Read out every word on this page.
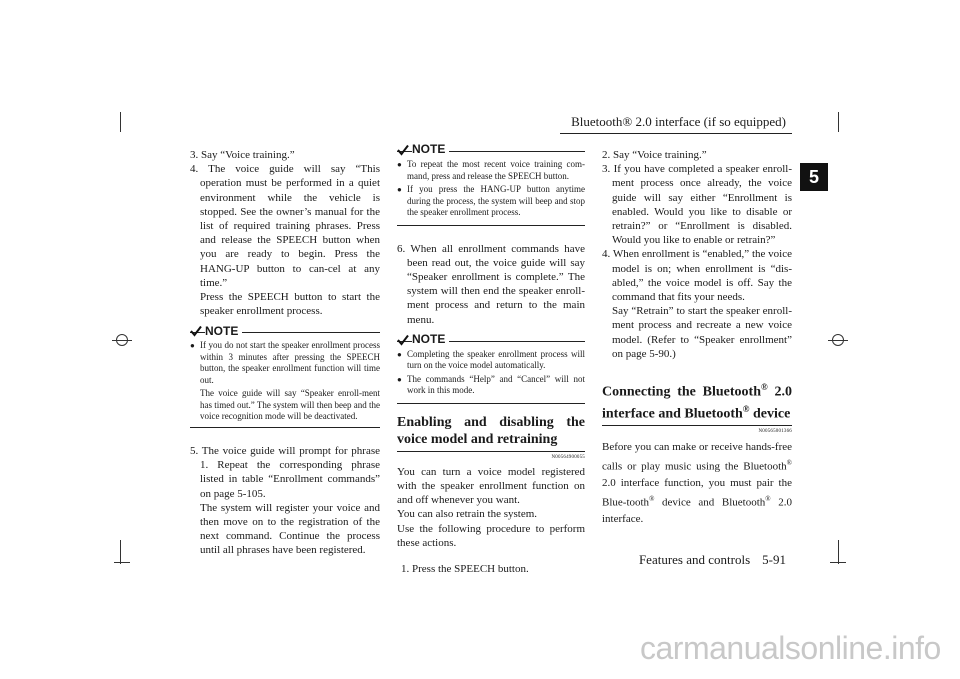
Bluetooth® 2.0 interface (if so equipped)
5

3. Say “Voice training.”

4. The voice guide will say “This operation must be performed in a quiet environment while the vehicle is stopped. See the owner’s manual for the list of required training phrases. Press and release the SPEECH button when you are ready to begin. Press the HANG-UP button to can-cel at any time.”

Press the SPEECH button to start the speaker enrollment process.

NOTE
● If you do not start the speaker enrollment process within 3 minutes after pressing the SPEECH button, the speaker enrollment function will time out.
The voice guide will say “Speaker enroll-ment has timed out.” The system will then beep and the voice recognition mode will be deactivated.

5. The voice guide will prompt for phrase 1. Repeat the corresponding phrase listed in table “Enrollment commands” on page 5-105.

The system will register your voice and then move on to the registration of the next command. Continue the process until all phrases have been registered.

NOTE
● To repeat the most recent voice training com-mand, press and release the SPEECH button.
● If you press the HANG-UP button anytime during the process, the system will beep and stop the speaker enrollment process.

6. When all enrollment commands have been read out, the voice guide will say “Speaker enrollment is complete.” The system will then end the speaker enroll-ment process and return to the main menu.

NOTE
● Completing the speaker enrollment process will turn on the voice model automatically.
● The commands “Help” and “Cancel” will not work in this mode.
Enabling and disabling the voice model and retraining
N00564900055

You can turn a voice model registered with the speaker enrollment function on and off whenever you want.

You can also retrain the system.

Use the following procedure to perform these actions.

1. Press the SPEECH button.

2. Say “Voice training.”

3. If you have completed a speaker enroll-ment process once already, the voice guide will say either “Enrollment is enabled. Would you like to disable or retrain?” or “Enrollment is disabled. Would you like to enable or retrain?”

4. When enrollment is “enabled,” the voice model is on; when enrollment is “dis-abled,” the voice model is off. Say the command that fits your needs.

Say “Retrain” to start the speaker enroll-ment process and recreate a new voice model. (Refer to “Speaker enrollment” on page 5-90.)

Connecting the Bluetooth® 2.0 interface and Bluetooth® device
N00565001366

Before you can make or receive hands-free calls or play music using the Bluetooth® 2.0 interface function, you must pair the Blue-tooth® device and Bluetooth® 2.0 interface.

Features and controls 5-91
carmanualsonline.info
